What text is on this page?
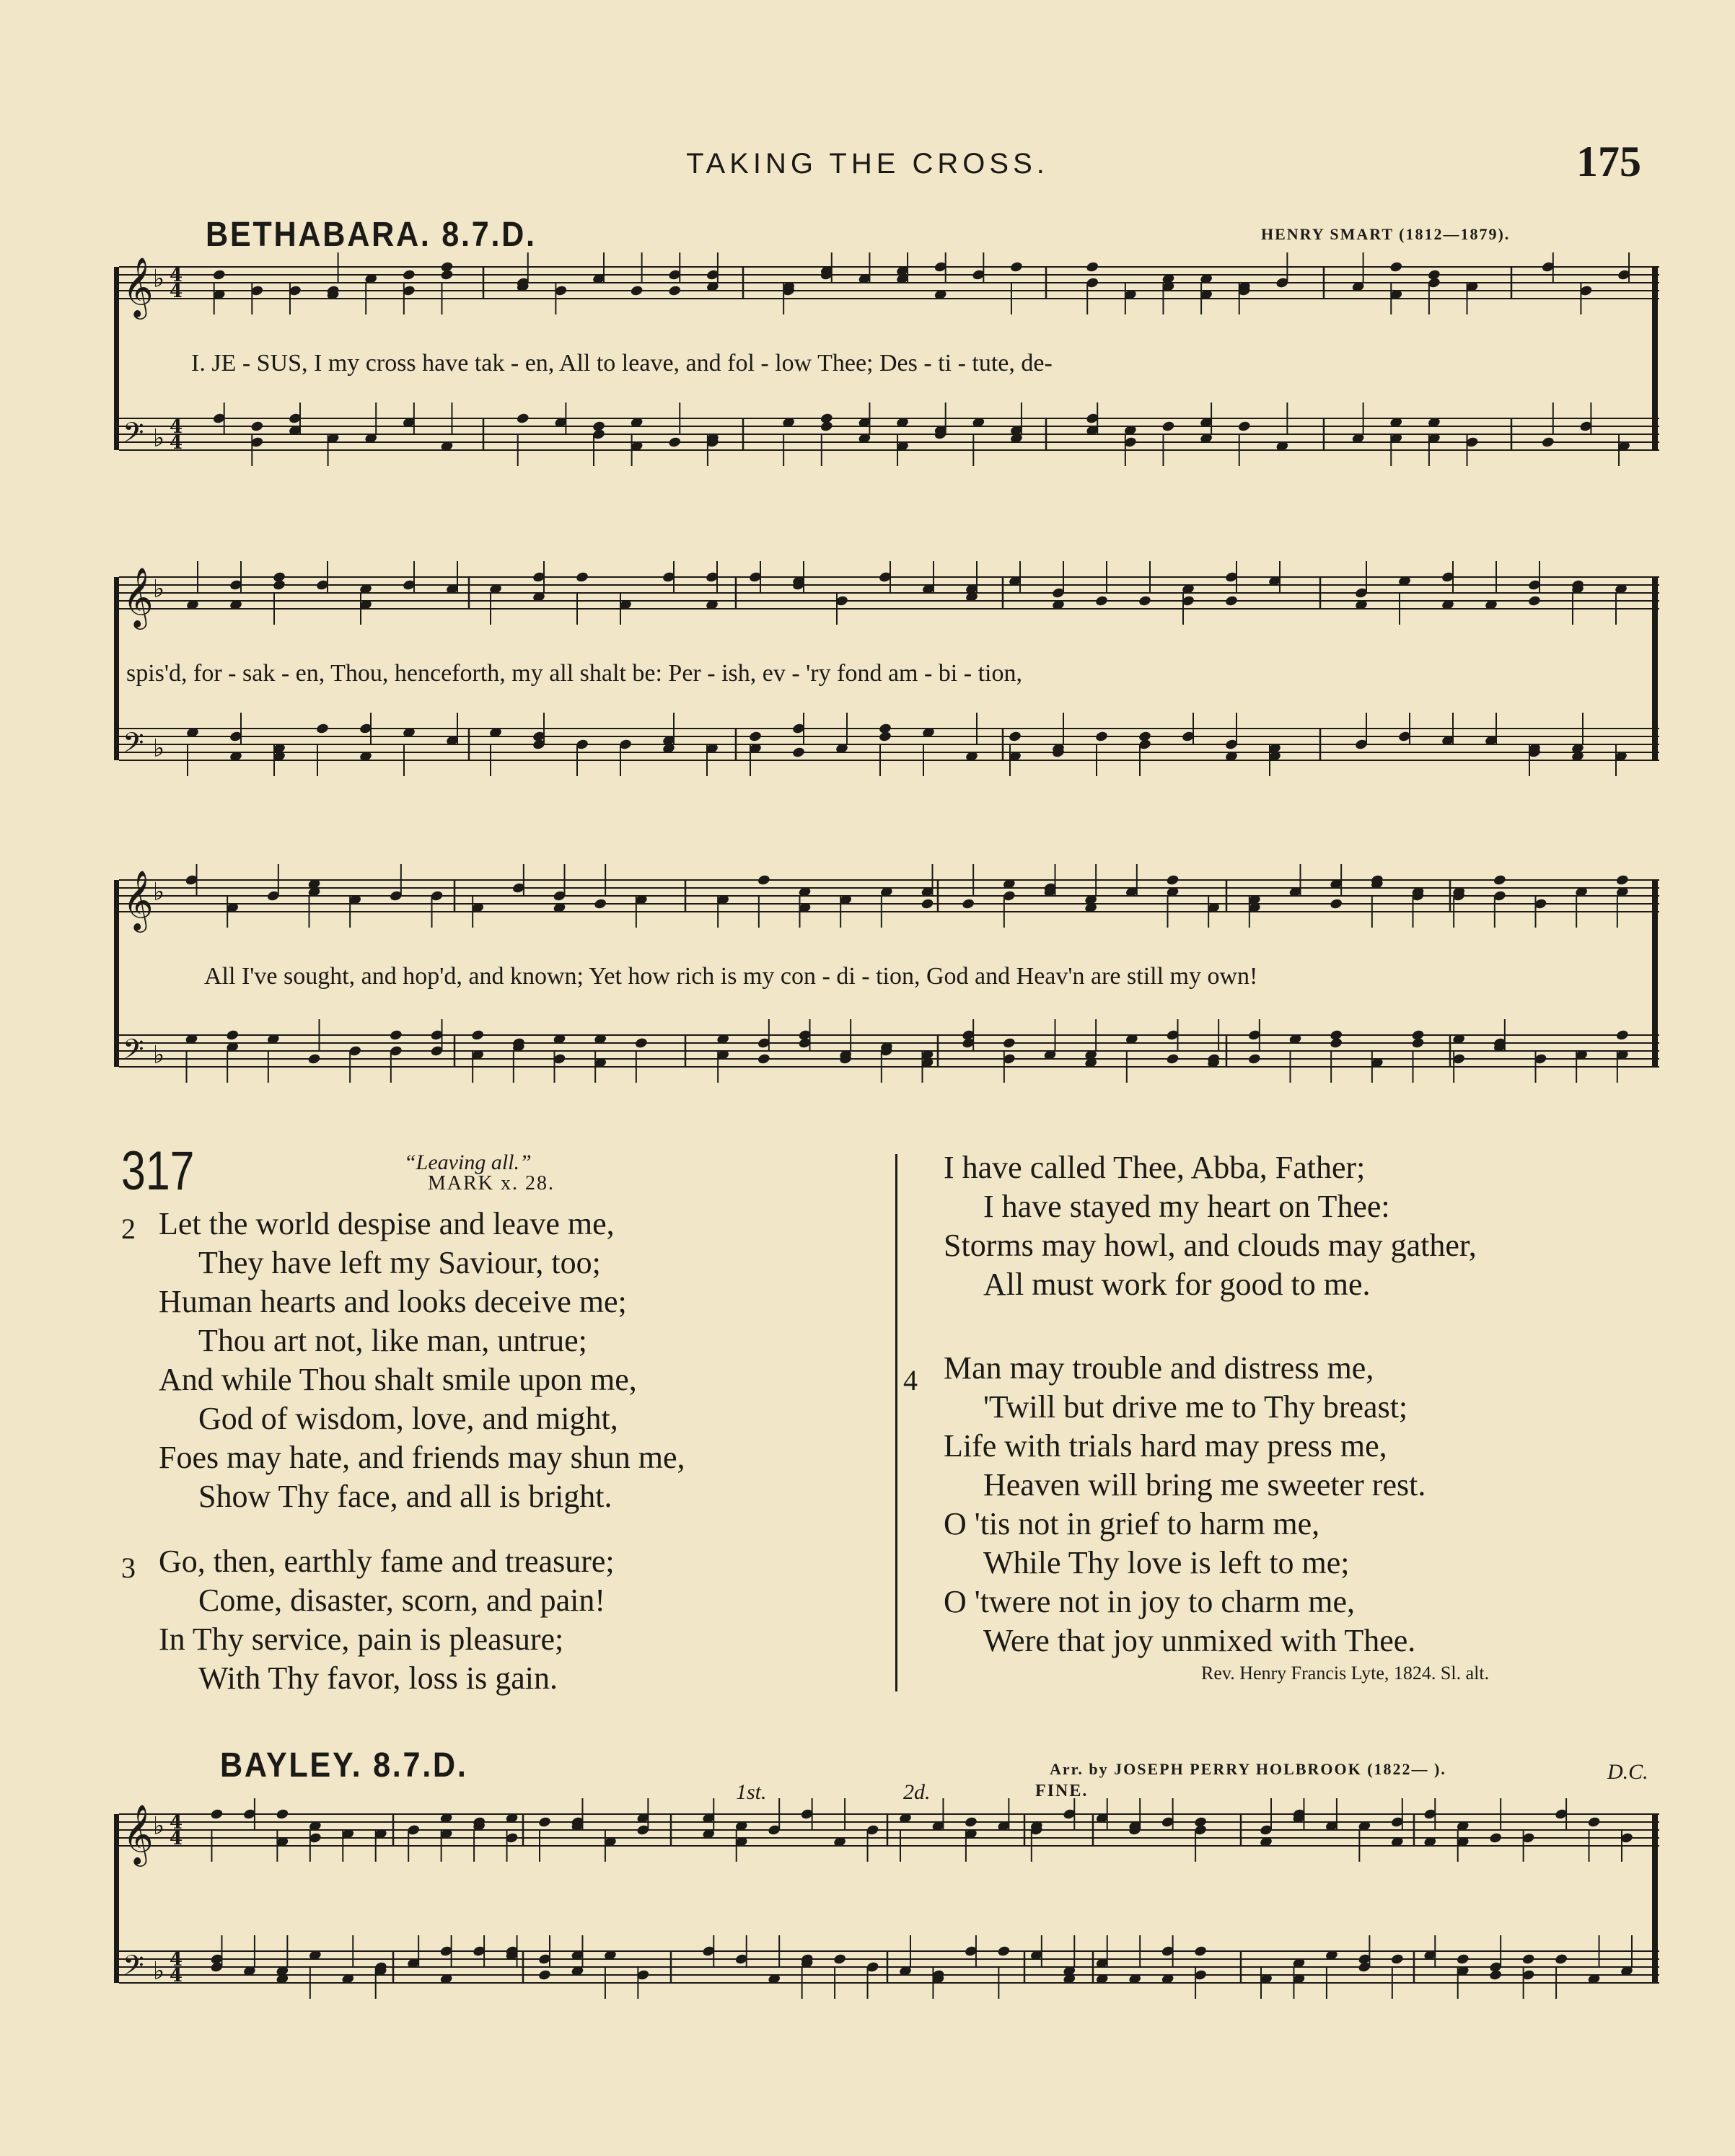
TAKING THE CROSS.	175
BETHABARA. 8.7.D.	HENRY SMART (1812—1879).
𝄞 ♭ 4
4
𝄢 ♭ 4
4
I. JE - SUS, I my cross have tak - en, All to leave, and fol - low Thee; Des - ti - tute, de-
𝄞 ♭
𝄢 ♭
spis'd, for - sak - en, Thou, henceforth, my all shalt be: Per - ish, ev - 'ry fond am - bi - tion,
𝄞 ♭
𝄢 ♭
All I've sought, and hop'd, and known; Yet how rich is my con - di - tion, God and Heav'n are still my own!
317	“Leaving all.”
MARK x. 28.
2 Let the world despise and leave me,
They have left my Saviour, too;
Human hearts and looks deceive me;
Thou art not, like man, untrue;
And while Thou shalt smile upon me,
God of wisdom, love, and might,
Foes may hate, and friends may shun me,
Show Thy face, and all is bright.
3 Go, then, earthly fame and treasure;
Come, disaster, scorn, and pain!
In Thy service, pain is pleasure;
With Thy favor, loss is gain.
I have called Thee, Abba, Father;
I have stayed my heart on Thee:
Storms may howl, and clouds may gather,
All must work for good to me.
4 Man may trouble and distress me,
'Twill but drive me to Thy breast;
Life with trials hard may press me,
Heaven will bring me sweeter rest.
O 'tis not in grief to harm me,
While Thy love is left to me;
O 'twere not in joy to charm me,
Were that joy unmixed with Thee.
Rev. Henry Francis Lyte, 1824. Sl. alt.
BAYLEY. 8.7.D.	Arr. by JOSEPH PERRY HOLBROOK (1822— ).
1st.	2d.	FINE.
D.C.
𝄞 ♭ 4
4
𝄢 ♭ 4
4
